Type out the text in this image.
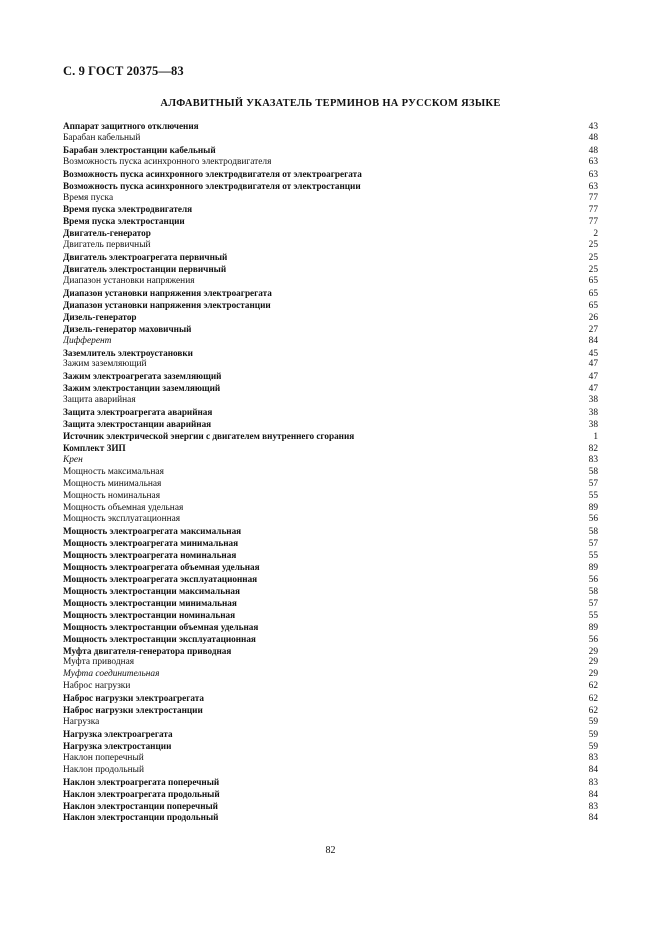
С. 9 ГОСТ 20375—83
АЛФАВИТНЫЙ УКАЗАТЕЛЬ ТЕРМИНОВ НА РУССКОМ ЯЗЫКЕ
Аппарат защитного отключения	43
Барабан кабельный	48
Барабан электростанции кабельный	48
Возможность пуска асинхронного электродвигателя	63
Возможность пуска асинхронного электродвигателя от электроагрегата	63
Возможность пуска асинхронного электродвигателя от электростанции	63
Время пуска	77
Время пуска электродвигателя	77
Время пуска электростанции	77
Двигатель-генератор	2
Двигатель первичный	25
Двигатель электроагрегата первичный	25
Двигатель электростанции первичный	25
Диапазон установки напряжения	65
Диапазон установки напряжения электроагрегата	65
Диапазон установки напряжения электростанции	65
Дизель-генератор	26
Дизель-генератор маховичный	27
Дифферент	84
Заземлитель электроустановки	45
Зажим заземляющий	47
Зажим электроагрегата заземляющий	47
Зажим электростанции заземляющий	47
Защита аварийная	38
Защита электроагрегата аварийная	38
Защита электростанции аварийная	38
Источник электрической энергии с двигателем внутреннего сгорания	1
Комплект ЗИП	82
Крен	83
Мощность максимальная	58
Мощность минимальная	57
Мощность номинальная	55
Мощность объемная удельная	89
Мощность эксплуатационная	56
Мощность электроагрегата максимальная	58
Мощность электроагрегата минимальная	57
Мощность электроагрегата номинальная	55
Мощность электроагрегата объемная удельная	89
Мощность электроагрегата эксплуатационная	56
Мощность электростанции максимальная	58
Мощность электростанции минимальная	57
Мощность электростанции номинальная	55
Мощность электростанции объемная удельная	89
Мощность электростанции эксплуатационная	56
Муфта двигателя-генератора приводная	29
Муфта приводная	29
Муфта соединительная	29
Наброс нагрузки	62
Наброс нагрузки электроагрегата	62
Наброс нагрузки электростанции	62
Нагрузка	59
Нагрузка электроагрегата	59
Нагрузка электростанции	59
Наклон поперечный	83
Наклон продольный	84
Наклон электроагрегата поперечный	83
Наклон электроагрегата продольный	84
Наклон электростанции поперечный	83
Наклон электростанции продольный	84
82
